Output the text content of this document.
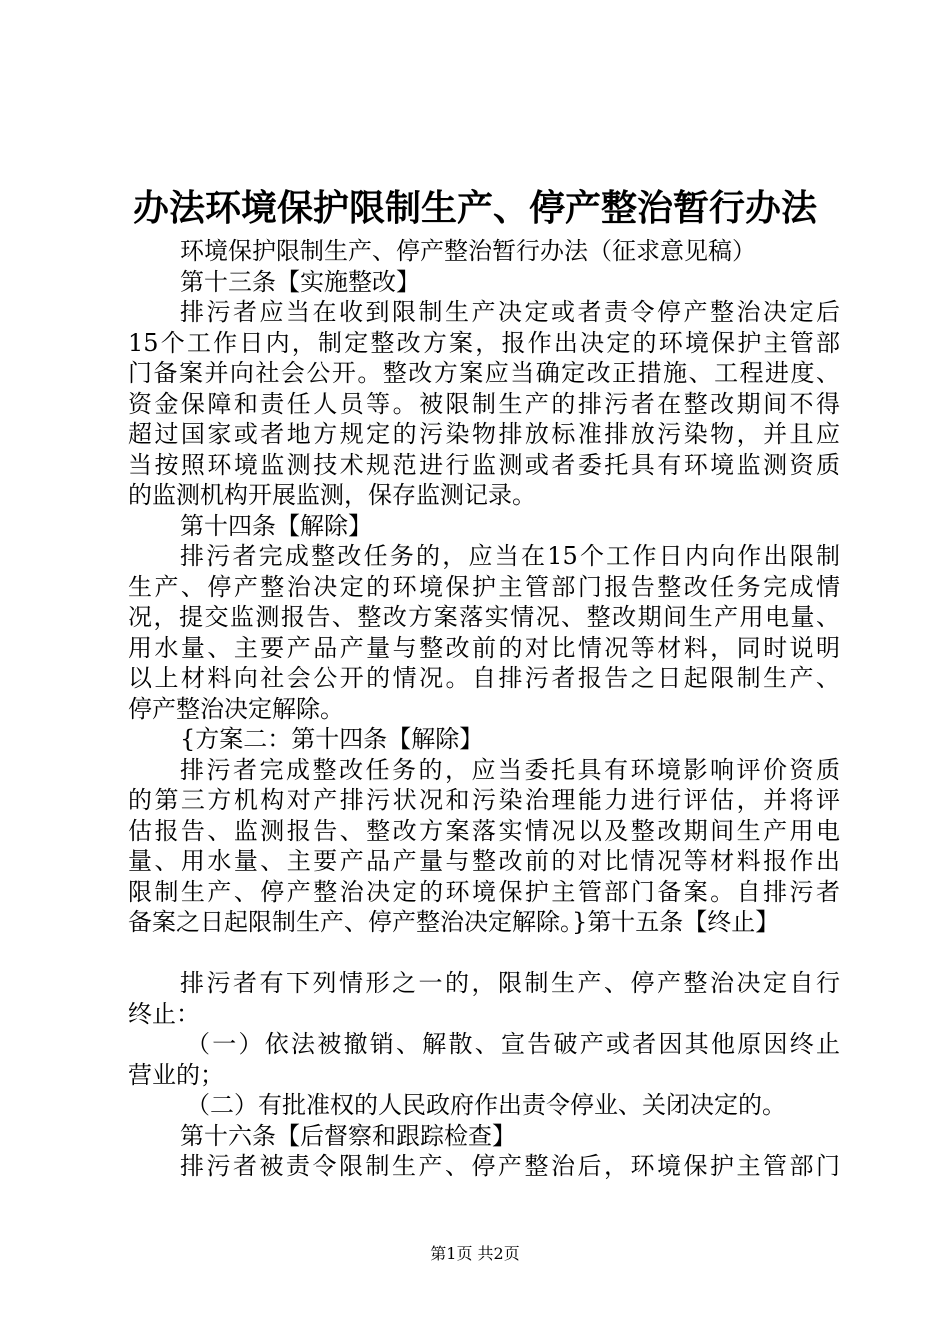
办法环境保护限制生产、停产整治暂行办法
环境保护限制生产、停产整治暂行办法（征求意见稿）
第十三条【实施整改】
排污者应当在收到限制生产决定或者责令停产整治决定后
15个工作日内，制定整改方案，报作出决定的环境保护主管部
门备案并向社会公开。整改方案应当确定改正措施、工程进度、
资金保障和责任人员等。被限制生产的排污者在整改期间不得
超过国家或者地方规定的污染物排放标准排放污染物，并且应
当按照环境监测技术规范进行监测或者委托具有环境监测资质
的监测机构开展监测，保存监测记录。
第十四条【解除】
排污者完成整改任务的，应当在15个工作日内向作出限制
生产、停产整治决定的环境保护主管部门报告整改任务完成情
况，提交监测报告、整改方案落实情况、整改期间生产用电量、
用水量、主要产品产量与整改前的对比情况等材料，同时说明
以上材料向社会公开的情况。自排污者报告之日起限制生产、
停产整治决定解除。
{方案二：第十四条【解除】
排污者完成整改任务的，应当委托具有环境影响评价资质
的第三方机构对产排污状况和污染治理能力进行评估，并将评
估报告、监测报告、整改方案落实情况以及整改期间生产用电
量、用水量、主要产品产量与整改前的对比情况等材料报作出
限制生产、停产整治决定的环境保护主管部门备案。自排污者
备案之日起限制生产、停产整治决定解除。}第十五条【终止】
排污者有下列情形之一的，限制生产、停产整治决定自行
终止：
（一）依法被撤销、解散、宣告破产或者因其他原因终止
营业的；
（二）有批准权的人民政府作出责令停业、关闭决定的。
第十六条【后督察和跟踪检查】
排污者被责令限制生产、停产整治后，环境保护主管部门
第1页 共2页
